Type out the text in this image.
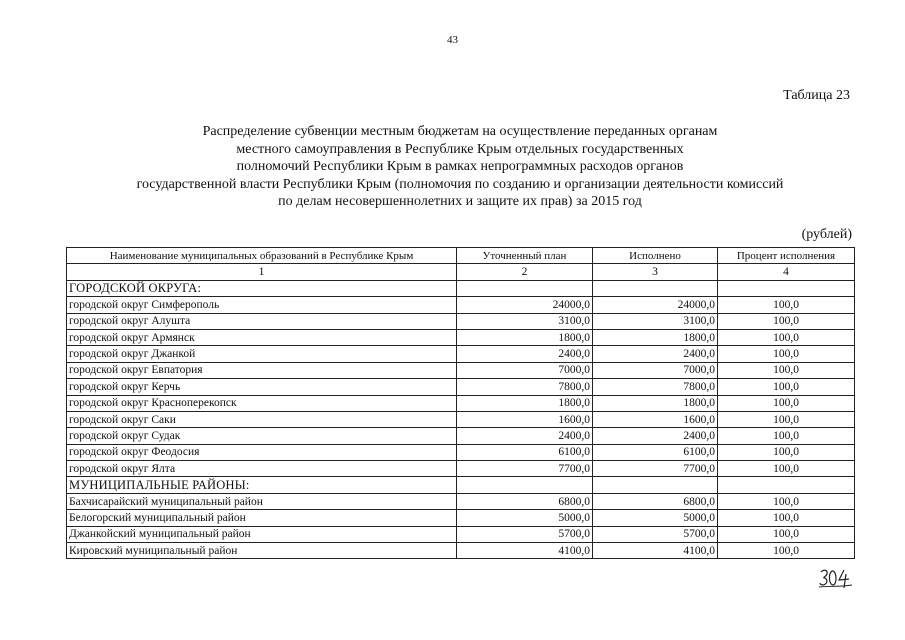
43
Таблица 23
Распределение субвенции местным бюджетам на осуществление переданных органам
местного самоуправления в Республике Крым отдельных государственных
полномочий Республики Крым в рамках непрограммных расходов органов
государственной власти Республики Крым (полномочия по созданию и организации деятельности комиссий
по делам несовершеннолетних и защите их прав) за 2015 год
(рублей)
Наименование муниципальных образований в Республике Крым	Уточненный план	Исполнено	Процент исполнения
1	2	3	4
ГОРОДСКОЙ ОКРУГА:			
городской округ Симферополь	24000,0	24000,0	100,0
городской округ Алушта	3100,0	3100,0	100,0
городской округ Армянск	1800,0	1800,0	100,0
городской округ Джанкой	2400,0	2400,0	100,0
городской округ Евпатория	7000,0	7000,0	100,0
городской округ Керчь	7800,0	7800,0	100,0
городской округ Красноперекопск	1800,0	1800,0	100,0
городской округ Саки	1600,0	1600,0	100,0
городской округ Судак	2400,0	2400,0	100,0
городской округ Феодосия	6100,0	6100,0	100,0
городской округ Ялта	7700,0	7700,0	100,0
МУНИЦИПАЛЬНЫЕ РАЙОНЫ:			
Бахчисарайский муниципальный район	6800,0	6800,0	100,0
Белогорский муниципальный район	5000,0	5000,0	100,0
Джанкойский муниципальный район	5700,0	5700,0	100,0
Кировский муниципальный район	4100,0	4100,0	100,0
